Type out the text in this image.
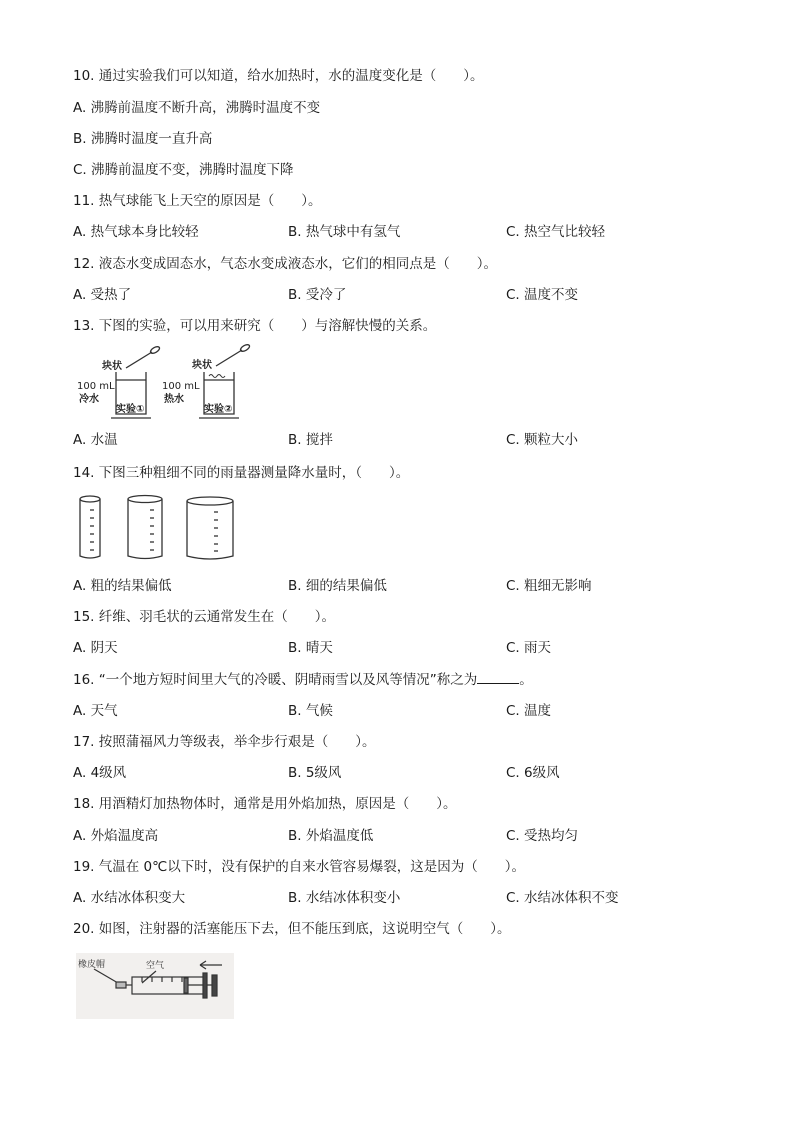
10. 通过实验我们可以知道，给水加热时，水的温度变化是（　　）。
A. 沸腾前温度不断升高，沸腾时温度不变
B. 沸腾时温度一直升高
C. 沸腾前温度不变，沸腾时温度下降
11. 热气球能飞上天空的原因是（　　）。
A. 热气球本身比较轻	B. 热气球中有氢气	C. 热空气比较轻
12. 液态水变成固态水，气态水变成液态水，它们的相同点是（　　）。
A. 受热了	B. 受冷了	C. 温度不变
13. 下图的实验，可以用来研究（　　）与溶解快慢的关系。
块状	块状
100 mL
冷水
实验①
100 mL
热水
实验②
A. 水温	B. 搅拌	C. 颗粒大小
14. 下图三种粗细不同的雨量器测量降水量时，（　　）。
A. 粗的结果偏低	B. 细的结果偏低	C. 粗细无影响
15. 纤维、羽毛状的云通常发生在（　　）。
A. 阴天	B. 晴天	C. 雨天
16. “一个地方短时间里大气的冷暖、阴晴雨雪以及风等情况”称之为	。
A. 天气	B. 气候	C. 温度
17. 按照蒲福风力等级表，举伞步行艰是（　　）。
A. 4级风	B. 5级风	C. 6级风
18. 用酒精灯加热物体时，通常是用外焰加热，原因是（　　）。
A. 外焰温度高	B. 外焰温度低	C. 受热均匀
19. 气温在 0℃以下时，没有保护的自来水管容易爆裂，这是因为（　　）。
A. 水结冰体积变大	B. 水结冰体积变小	C. 水结冰体积不变
20. 如图，注射器的活塞能压下去，但不能压到底，这说明空气（　　）。
橡皮帽	空气
